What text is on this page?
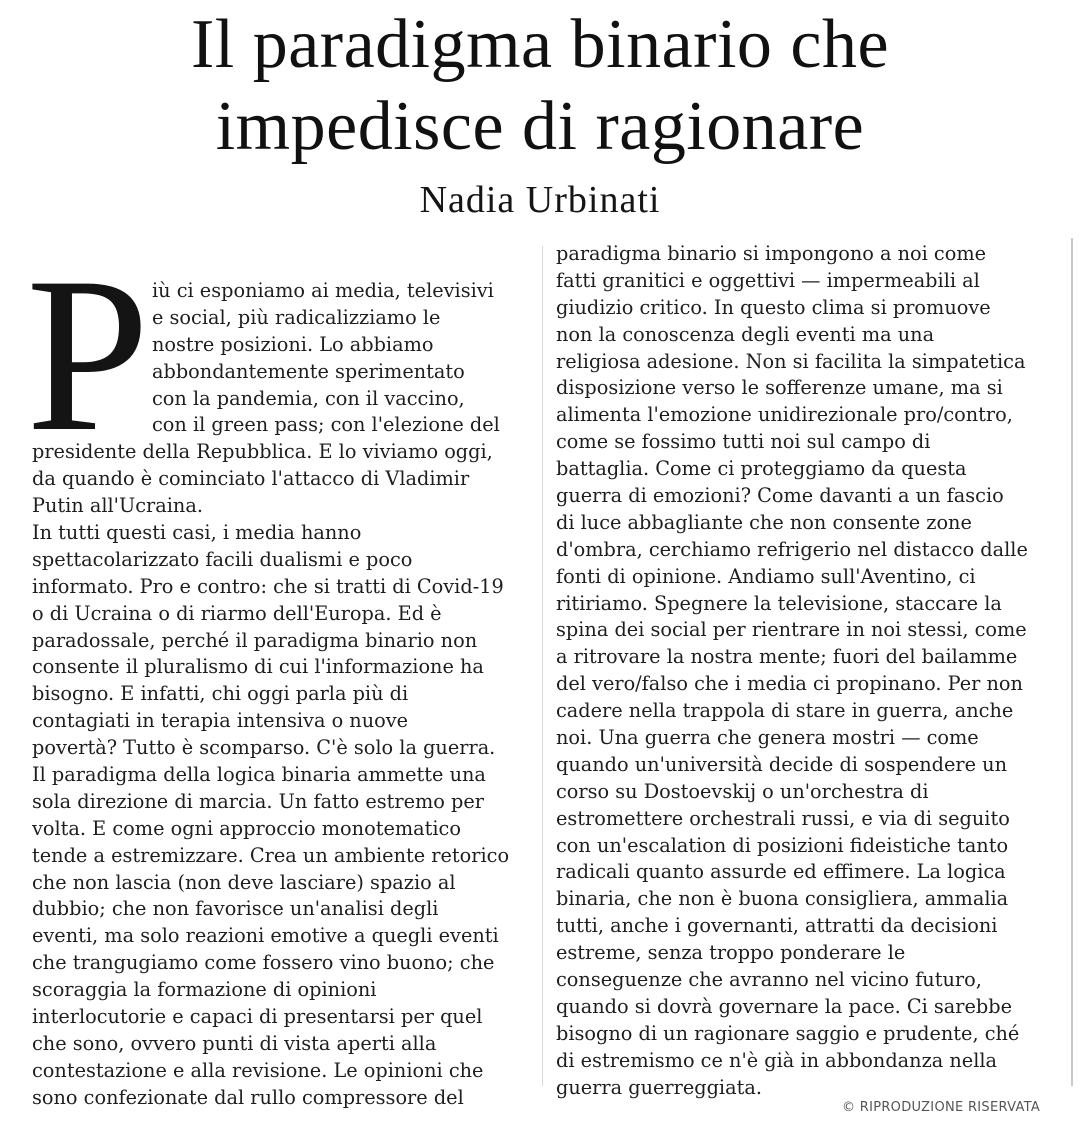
Il paradigma binario che
impedisce di ragionare
Nadia Urbinati
P iù ci esponiamo ai media, televisivi
e social, più radicalizziamo le
nostre posizioni. Lo abbiamo
abbondantemente sperimentato
con la pandemia, con il vaccino,
con il green pass; con l'elezione del
presidente della Repubblica. E lo viviamo oggi,
da quando è cominciato l'attacco di Vladimir
Putin all'Ucraina.
In tutti questi casi, i media hanno
spettacolarizzato facili dualismi e poco
informato. Pro e contro: che si tratti di Covid-19
o di Ucraina o di riarmo dell'Europa. Ed è
paradossale, perché il paradigma binario non
consente il pluralismo di cui l'informazione ha
bisogno. E infatti, chi oggi parla più di
contagiati in terapia intensiva o nuove
povertà? Tutto è scomparso. C'è solo la guerra.
Il paradigma della logica binaria ammette una
sola direzione di marcia. Un fatto estremo per
volta. E come ogni approccio monotematico
tende a estremizzare. Crea un ambiente retorico
che non lascia (non deve lasciare) spazio al
dubbio; che non favorisce un'analisi degli
eventi, ma solo reazioni emotive a quegli eventi
che trangugiamo come fossero vino buono; che
scoraggia la formazione di opinioni
interlocutorie e capaci di presentarsi per quel
che sono, ovvero punti di vista aperti alla
contestazione e alla revisione. Le opinioni che
sono confezionate dal rullo compressore del
paradigma binario si impongono a noi come
fatti granitici e oggettivi — impermeabili al
giudizio critico. In questo clima si promuove
non la conoscenza degli eventi ma una
religiosa adesione. Non si facilita la simpatetica
disposizione verso le sofferenze umane, ma si
alimenta l'emozione unidirezionale pro/contro,
come se fossimo tutti noi sul campo di
battaglia. Come ci proteggiamo da questa
guerra di emozioni? Come davanti a un fascio
di luce abbagliante che non consente zone
d'ombra, cerchiamo refrigerio nel distacco dalle
fonti di opinione. Andiamo sull'Aventino, ci
ritiriamo. Spegnere la televisione, staccare la
spina dei social per rientrare in noi stessi, come
a ritrovare la nostra mente; fuori del bailamme
del vero/falso che i media ci propinano. Per non
cadere nella trappola di stare in guerra, anche
noi. Una guerra che genera mostri — come
quando un'università decide di sospendere un
corso su Dostoevskij o un'orchestra di
estromettere orchestrali russi, e via di seguito
con un'escalation di posizioni fideistiche tanto
radicali quanto assurde ed effimere. La logica
binaria, che non è buona consigliera, ammalia
tutti, anche i governanti, attratti da decisioni
estreme, senza troppo ponderare le
conseguenze che avranno nel vicino futuro,
quando si dovrà governare la pace. Ci sarebbe
bisogno di un ragionare saggio e prudente, ché
di estremismo ce n'è già in abbondanza nella
guerra guerreggiata.
© RIPRODUZIONE RISERVATA
